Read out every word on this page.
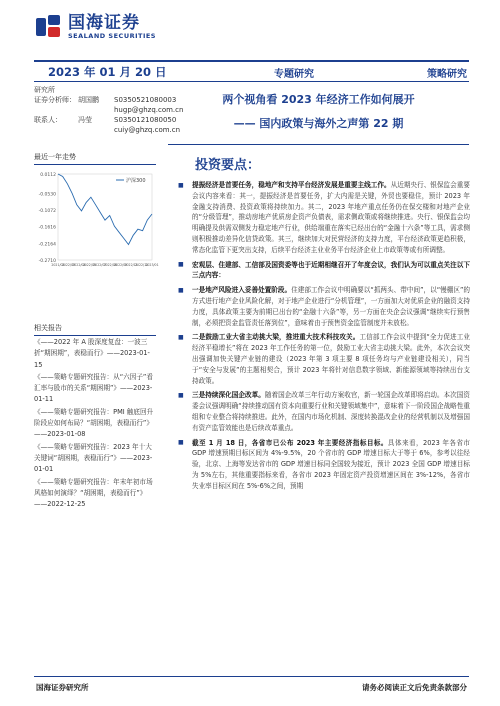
国海证券
SEALAND SECURITIES
2023 年 01 月 20 日	专题研究	策略研究
研究所
证券分析师： 胡国鹏	S0350521080003
hugp@ghzq.com.cn
联系人：	冯莹	S0350121080050
cuiy@ghzq.com.cn
两个视角看 2023 年经济工作如何展开
—— 国内政策与海外之声第 22 期
最近一年走势
0.0112
-0.0530
-0.1072
-0.1616
-0.2164
-0.2710
2021/01
2022/03
2022/04
2022/05
2022/07
2022/08
2022/09
2022/11
2022/12
2023/01
沪深300
相关报告
《——2022 年 A 股深度复盘：一波三折“期困期”，表稳而行》——2023-01-15
《——策略专题研究报告：从“六因子”看汇率与股市的关系“期困期”》——2023-01-11
《——策略专题研究报告：PMI 触底回升阶段应如何布局？“胡困期，表稳而行”》——2023-01-08
《——策略专题研究报告：2023 年十大关键词“胡困期，表稳而行”》——2023-01-01
《——策略专题研究报告：年末年初市场风格如何演绎？“胡困期，表稳而行”》——2022-12-25
投资要点：
■	提振经济是首要任务，稳地产和支持平台经济发展是重要主线工作。从近期央行、银保监会重要会议内容来看：其一，提振经济是首要任务，扩大内需是关键，外贸也要稳住，预计 2023 年金融支持消费、投资政策将持续加力。其二，2023 年地产重点任务仍在保交楼和对地产企业的“分级管理”，推动房地产优质房企资产负债表，需求侧政策或将继续推进。央行、银保监会均明确提及供需双侧发力稳定地产行业，供给端重在落实已经出台的“金融十六条”等工具，需求侧则积极推动差异化信贷政策。其三，继续加大对民营经济的支持力度，平台经济政策更趋积极，常态化监管下更突出支持，后续平台经济主业业务平台经济企业上市政策等或有所调整。
■	宏观层、住建部、工信部及国资委等也于近期相继召开了年度会议，我们认为可以重点关注以下三点内容：
■	一是地产风险进入妥善处置阶段。住建部工作会议中明确要以“抓两头、带中间”，以“慢棚区”的方式进行地产企业风险化解，对于地产企业进行“分机管理”，一方面加大对优质企业的融资支持力度，具体政策主要为前期已出台的“金融十六条”等，另一方面在央企会议强调“继续实行预售制，必须把资金监管责任落到位”，意味着由于预售资金监管制度并未放松。
■	二是鼓励工业大省主动挑大梁，推进重大技术科技攻关。工信部工作会议中提到“全力促进工业经济平稳增长”将在 2023 年工作任务的第一位，鼓励工业大省主动挑大梁。此外，本次会议突出强调加快关键产业链的建设（2023 年第 3 项主要 8 项任务均与产业链建设相关），同当于“安全与发展”的主题相契合，预计 2023 年将针对信息数字领域、新能源领域等持续出台支持政策。
■	三是持续深化国企改革。随着国企改革三年行动方案收官，新一轮国企改革即将启动。本次国资委会议强调明确“持续推动国有资本向重要行业和关键领域集中”，意味着下一阶段国企战略性重组和专业整合将持续推进。此外，在国内市场化机制、深度转换混改企业的经营机制以及增强国有资产监管效能也是后续改革重点。
■	截至 1 月 18 日，各省市已公布 2023 年主要经济指标目标。具体来看，2023 年各省市 GDP 增速预期目标区间为 4%-9.5%，20 个省市的 GDP 增速目标大于等于 6%，参考以往经验，北京、上海等发达省市的 GDP 增速目标同全国较为接近，预计 2023 全国 GDP 增速目标为 5%左右，其他重要指标来看，各省市 2023 年固定资产投资增速区间在 3%-12%，各省市失业率目标区间在 5%-6%之间，预期
国海证券研究所	请务必阅读正文后免责条款部分
